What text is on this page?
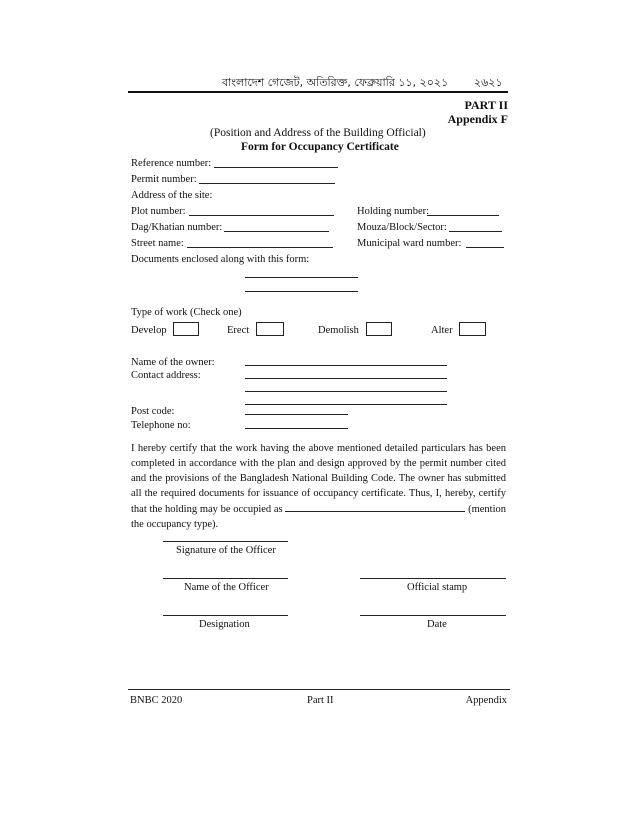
বাংলাদেশ গেজেট, অতিরিক্ত, ফেব্রুয়ারি ১১, ২০২১ ২৬২১
PART II
Appendix F
(Position and Address of the Building Official)
Form for Occupancy Certificate
Reference number:
Permit number:
Address of the site:
Plot number:	Holding number:
Dag/Khatian number:	Mouza/Block/Sector:
Street name:	Municipal ward number:
Documents enclosed along with this form:
Type of work (Check one)
Develop	Erect	Demolish	Alter
Name of the owner:
Contact address:
Post code:
Telephone no:
I hereby certify that the work having the above mentioned detailed particulars has been completed in accordance with the plan and design approved by the permit number cited and the provisions of the Bangladesh National Building Code. The owner has submitted all the required documents for issuance of occupancy certificate. Thus, I, hereby, certify that the holding may be occupied as	(mention the occupancy type).
Signature of the Officer
Name of the Officer	Official stamp
Designation	Date
BNBC 2020	Part II	Appendix
